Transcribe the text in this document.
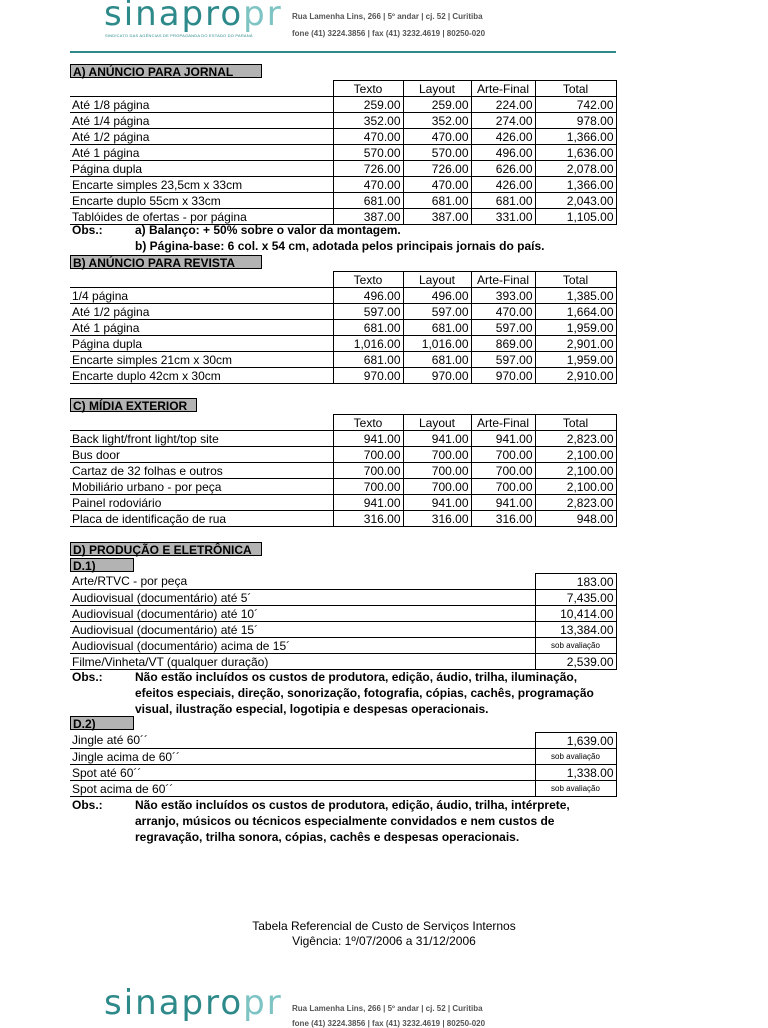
sinapropr
SINDICATO DAS AGÊNCIAS DE PROPAGANDA DO ESTADO DO PARANÁ
Rua Lamenha Lins, 266 | 5º andar | cj. 52 | Curitiba
fone (41) 3224.3856 | fax (41) 3232.4619 | 80250-020
A) ANÚNCIO PARA JORNAL
	Texto	Layout	Arte-Final	Total
Até 1/8 página	259.00	259.00	224.00	742.00
Até 1/4 página	352.00	352.00	274.00	978.00
Até 1/2 página	470.00	470.00	426.00	1,366.00
Até 1 página	570.00	570.00	496.00	1,636.00
Página dupla	726.00	726.00	626.00	2,078.00
Encarte simples 23,5cm x 33cm	470.00	470.00	426.00	1,366.00
Encarte duplo 55cm x 33cm	681.00	681.00	681.00	2,043.00
Tablóides de ofertas - por página	387.00	387.00	331.00	1,105.00
Obs.:	a) Balanço: + 50% sobre o valor da montagem.
b) Página-base: 6 col. x 54 cm, adotada pelos principais jornais do país.
B) ANÚNCIO PARA REVISTA
	Texto	Layout	Arte-Final	Total
1/4 página	496.00	496.00	393.00	1,385.00
Até 1/2 página	597.00	597.00	470.00	1,664.00
Até 1 página	681.00	681.00	597.00	1,959.00
Página dupla	1,016.00	1,016.00	869.00	2,901.00
Encarte simples 21cm x 30cm	681.00	681.00	597.00	1,959.00
Encarte duplo 42cm x 30cm	970.00	970.00	970.00	2,910.00
C) MÍDIA EXTERIOR
	Texto	Layout	Arte-Final	Total
Back light/front light/top site	941.00	941.00	941.00	2,823.00
Bus door	700.00	700.00	700.00	2,100.00
Cartaz de 32 folhas e outros	700.00	700.00	700.00	2,100.00
Mobiliário urbano - por peça	700.00	700.00	700.00	2,100.00
Painel rodoviário	941.00	941.00	941.00	2,823.00
Placa de identificação de rua	316.00	316.00	316.00	948.00
D) PRODUÇÃO E ELETRÔNICA
D.1)
Arte/RTVC - por peça	183.00
Audiovisual (documentário) até 5´	7,435.00
Audiovisual (documentário) até 10´	10,414.00
Audiovisual (documentário) até 15´	13,384.00
Audiovisual (documentário) acima de 15´	sob avaliação
Filme/Vinheta/VT (qualquer duração)	2,539.00
Obs.:	Não estão incluídos os custos de produtora, edição, áudio, trilha, iluminação,
efeitos especiais, direção, sonorização, fotografia, cópias, cachês, programação
visual, ilustração especial, logotipia e despesas operacionais.
D.2)
Jingle até 60´´	1,639.00
Jingle acima de 60´´	sob avaliação
Spot até 60´´	1,338.00
Spot acima de 60´´	sob avaliação
Obs.:	Não estão incluídos os custos de produtora, edição, áudio, trilha, intérprete,
arranjo, músicos ou técnicos especialmente convidados e nem custos de
regravação, trilha sonora, cópias, cachês e despesas operacionais.
Tabela Referencial de Custo de Serviços Internos
Vigência: 1º/07/2006 a 31/12/2006
sinapropr Rua Lamenha Lins, 266 | 5º andar | cj. 52 | Curitiba
fone (41) 3224.3856 | fax (41) 3232.4619 | 80250-020
